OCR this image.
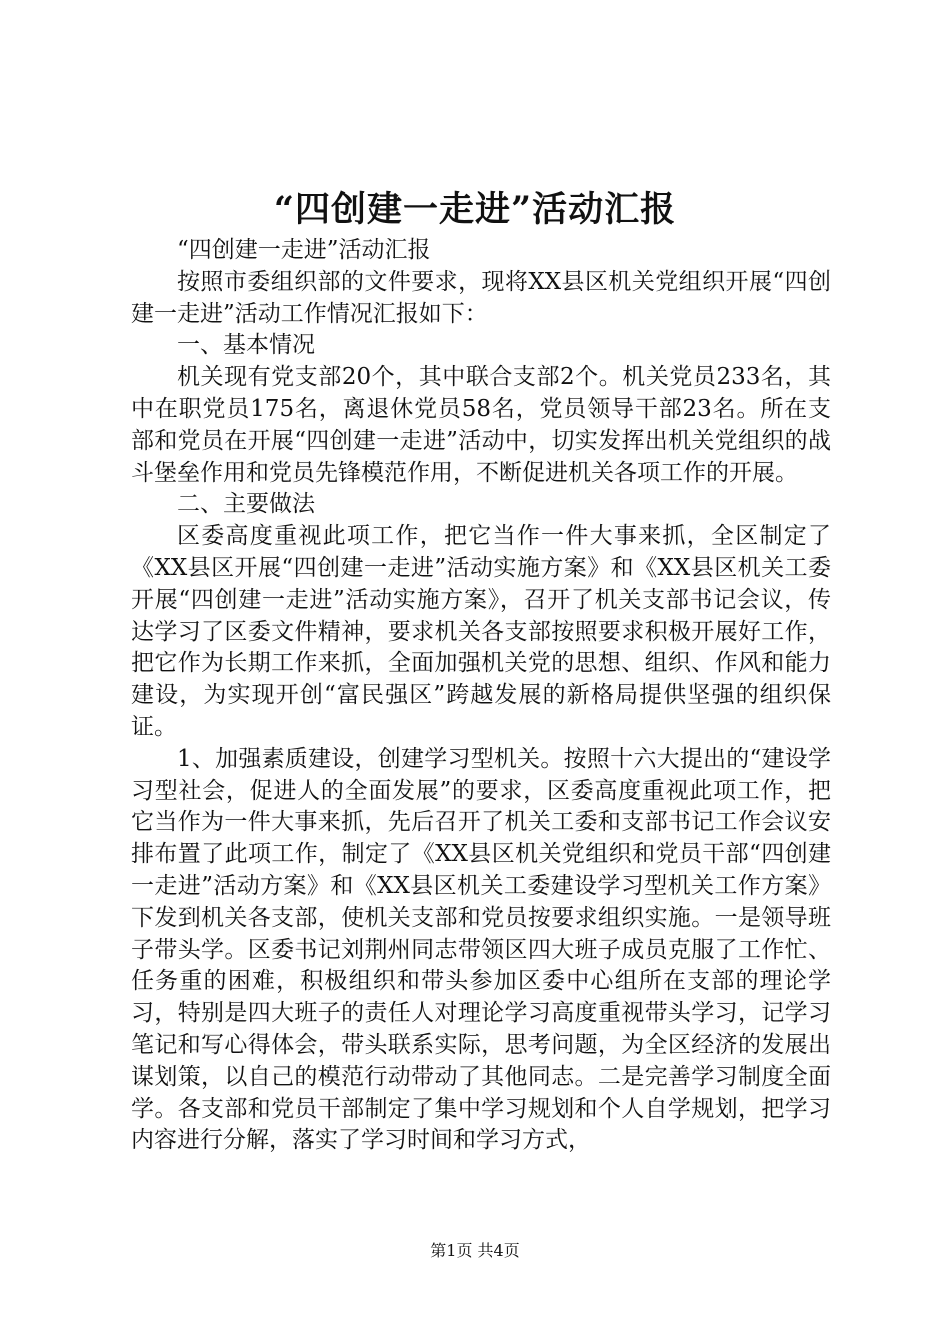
“四创建一走进”活动汇报

“四创建一走进”活动汇报

按照市委组织部的文件要求，现将XX县区机关党组织开展“四创建一走进”活动工作情况汇报如下：

一、基本情况

机关现有党支部20个，其中联合支部2个。机关党员233名，其中在职党员175名，离退休党员58名，党员领导干部23名。所在支部和党员在开展“四创建一走进”活动中，切实发挥出机关党组织的战斗堡垒作用和党员先锋模范作用，不断促进机关各项工作的开展。

二、主要做法

区委高度重视此项工作，把它当作一件大事来抓，全区制定了《XX县区开展“四创建一走进”活动实施方案》和《XX县区机关工委开展“四创建一走进”活动实施方案》，召开了机关支部书记会议，传达学习了区委文件精神，要求机关各支部按照要求积极开展好工作，把它作为长期工作来抓，全面加强机关党的思想、组织、作风和能力建设，为实现开创“富民强区”跨越发展的新格局提供坚强的组织保证。

1、加强素质建设，创建学习型机关。按照十六大提出的“建设学习型社会，促进人的全面发展”的要求，区委高度重视此项工作，把它当作为一件大事来抓，先后召开了机关工委和支部书记工作会议安排布置了此项工作，制定了《XX县区机关党组织和党员干部“四创建一走进”活动方案》和《XX县区机关工委建设学习型机关工作方案》下发到机关各支部，使机关支部和党员按要求组织实施。一是领导班子带头学。区委书记刘荆州同志带领区四大班子成员克服了工作忙、任务重的困难，积极组织和带头参加区委中心组所在支部的理论学习，特别是四大班子的责任人对理论学习高度重视带头学习，记学习笔记和写心得体会，带头联系实际，思考问题，为全区经济的发展出谋划策，以自己的模范行动带动了其他同志。二是完善学习制度全面学。各支部和党员干部制定了集中学习规划和个人自学规划，把学习内容进行分解，落实了学习时间和学习方式，

第1页 共4页
